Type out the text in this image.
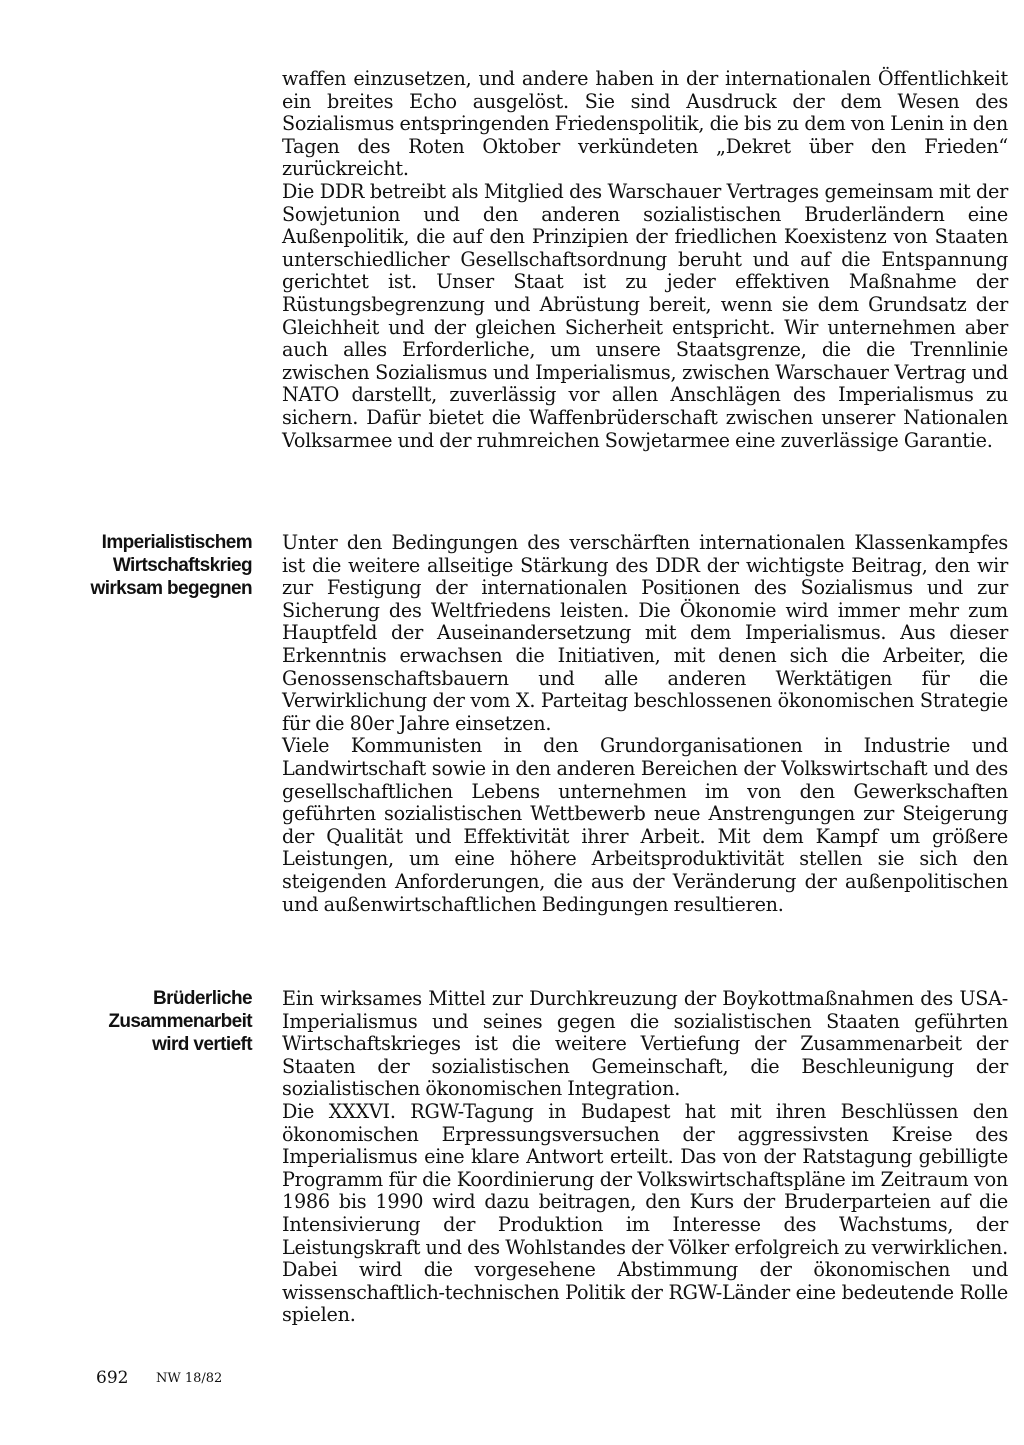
waffen einzusetzen, und andere haben in der internationalen Öffentlichkeit ein breites Echo ausgelöst. Sie sind Ausdruck der dem Wesen des Sozialismus entspringenden Friedenspolitik, die bis zu dem von Lenin in den Tagen des Roten Oktober verkündeten „Dekret über den Frieden“ zurückreicht.

Die DDR betreibt als Mitglied des Warschauer Vertrages gemeinsam mit der Sowjetunion und den anderen sozialistischen Bruderländern eine Außenpolitik, die auf den Prinzipien der friedlichen Koexistenz von Staaten unterschiedlicher Gesellschaftsordnung beruht und auf die Entspannung gerichtet ist. Unser Staat ist zu jeder effektiven Maßnahme der Rüstungsbegrenzung und Abrüstung bereit, wenn sie dem Grundsatz der Gleichheit und der gleichen Sicherheit entspricht. Wir unternehmen aber auch alles Erforderliche, um unsere Staatsgrenze, die die Trennlinie zwischen Sozialismus und Imperialismus, zwischen Warschauer Vertrag und NATO darstellt, zuverlässig vor allen Anschlägen des Imperialismus zu sichern. Dafür bietet die Waffenbrüderschaft zwischen unserer Nationalen Volksarmee und der ruhmreichen Sowjetarmee eine zuverlässige Garantie.

Imperialistischem
Wirtschaftskrieg
wirksam begegnen

Unter den Bedingungen des verschärften internationalen Klassenkampfes ist die weitere allseitige Stärkung des DDR der wichtigste Beitrag, den wir zur Festigung der internationalen Positionen des Sozialismus und zur Sicherung des Weltfriedens leisten. Die Ökonomie wird immer mehr zum Hauptfeld der Auseinandersetzung mit dem Imperialismus. Aus dieser Erkenntnis erwachsen die Initiativen, mit denen sich die Arbeiter, die Genossenschaftsbauern und alle anderen Werktätigen für die Verwirklichung der vom X. Parteitag beschlossenen ökonomischen Strategie für die 80er Jahre einsetzen.

Viele Kommunisten in den Grundorganisationen in Industrie und Landwirtschaft sowie in den anderen Bereichen der Volkswirtschaft und des gesellschaftlichen Lebens unternehmen im von den Gewerkschaften geführten sozialistischen Wettbewerb neue Anstrengungen zur Steigerung der Qualität und Effektivität ihrer Arbeit. Mit dem Kampf um größere Leistungen, um eine höhere Arbeitsproduktivität stellen sie sich den steigenden Anforderungen, die aus der Veränderung der außenpolitischen und außenwirtschaftlichen Bedingungen resultieren.

Brüderliche
Zusammenarbeit
wird vertieft

Ein wirksames Mittel zur Durchkreuzung der Boykottmaßnahmen des USA-Imperialismus und seines gegen die sozialistischen Staaten geführten Wirtschaftskrieges ist die weitere Vertiefung der Zusammenarbeit der Staaten der sozialistischen Gemeinschaft, die Beschleunigung der sozialistischen ökonomischen Integration.

Die XXXVI. RGW-Tagung in Budapest hat mit ihren Beschlüssen den ökonomischen Erpressungsversuchen der aggressivsten Kreise des Imperialismus eine klare Antwort erteilt. Das von der Ratstagung gebilligte Programm für die Koordinierung der Volkswirtschaftspläne im Zeitraum von 1986 bis 1990 wird dazu beitragen, den Kurs der Bruderparteien auf die Intensivierung der Produktion im Interesse des Wachstums, der Leistungskraft und des Wohlstandes der Völker erfolgreich zu verwirklichen. Dabei wird die vorgesehene Abstimmung der ökonomischen und wissenschaftlich-technischen Politik der RGW-Länder eine bedeutende Rolle spielen.

692 NW 18/82
